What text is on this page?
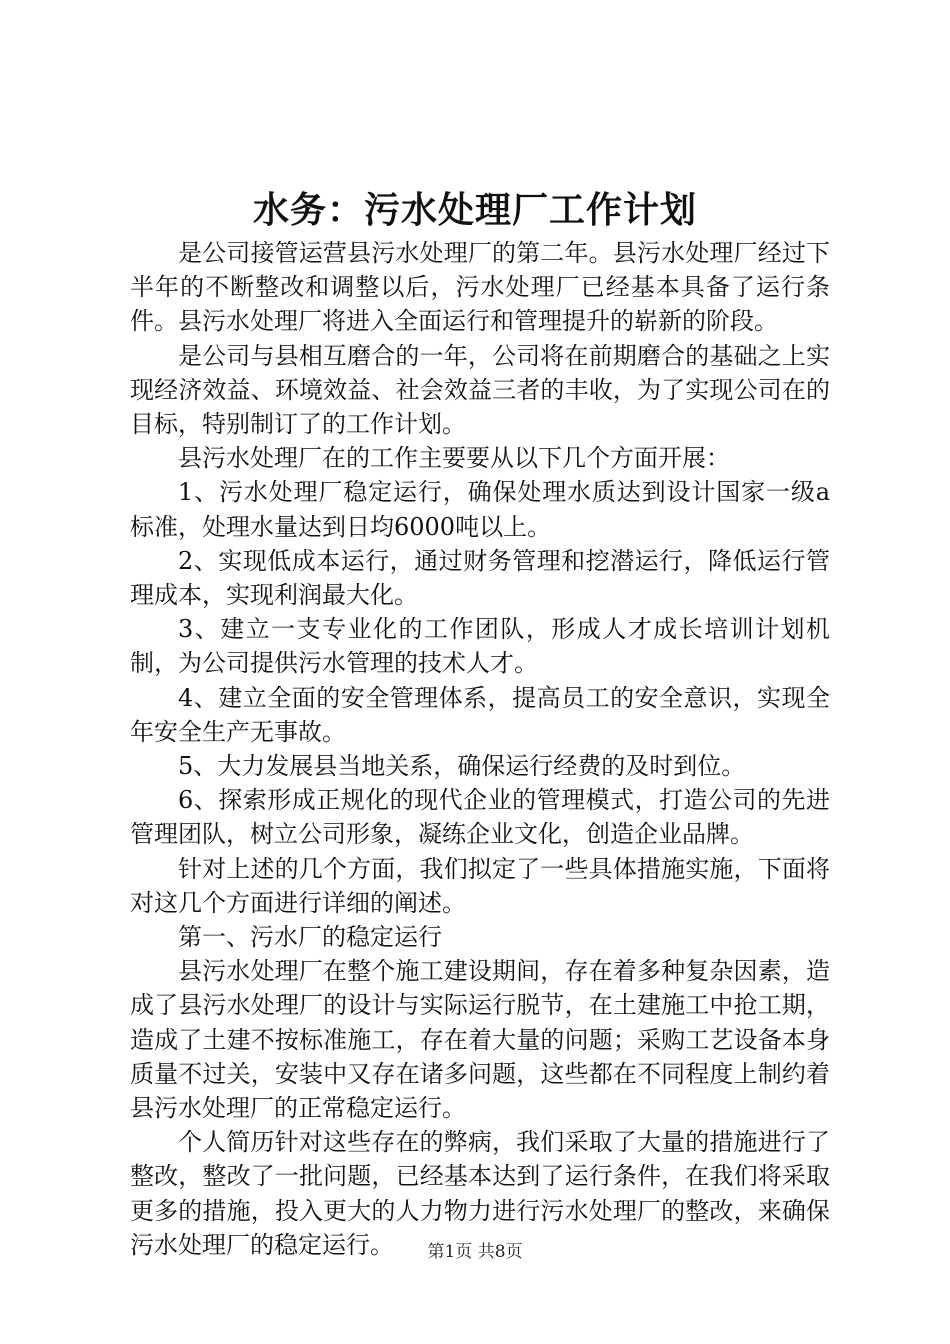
水务：污水处理厂工作计划

是公司接管运营县污水处理厂的第二年。县污水处理厂经过下半年的不断整改和调整以后，污水处理厂已经基本具备了运行条件。县污水处理厂将进入全面运行和管理提升的崭新的阶段。

是公司与县相互磨合的一年，公司将在前期磨合的基础之上实现经济效益、环境效益、社会效益三者的丰收，为了实现公司在的目标，特别制订了的工作计划。

县污水处理厂在的工作主要要从以下几个方面开展：

1、污水处理厂稳定运行，确保处理水质达到设计国家一级a标准，处理水量达到日均6000吨以上。

2、实现低成本运行，通过财务管理和挖潜运行，降低运行管理成本，实现利润最大化。

3、建立一支专业化的工作团队，形成人才成长培训计划机制，为公司提供污水管理的技术人才。

4、建立全面的安全管理体系，提高员工的安全意识，实现全年安全生产无事故。

5、大力发展县当地关系，确保运行经费的及时到位。

6、探索形成正规化的现代企业的管理模式，打造公司的先进管理团队，树立公司形象，凝练企业文化，创造企业品牌。

针对上述的几个方面，我们拟定了一些具体措施实施，下面将对这几个方面进行详细的阐述。

第一、污水厂的稳定运行

县污水处理厂在整个施工建设期间，存在着多种复杂因素，造成了县污水处理厂的设计与实际运行脱节，在土建施工中抢工期，造成了土建不按标准施工，存在着大量的问题；采购工艺设备本身质量不过关，安装中又存在诸多问题，这些都在不同程度上制约着县污水处理厂的正常稳定运行。

个人简历针对这些存在的弊病，我们采取了大量的措施进行了整改，整改了一批问题，已经基本达到了运行条件，在我们将采取更多的措施，投入更大的人力物力进行污水处理厂的整改，来确保污水处理厂的稳定运行。	第1页 共8页
